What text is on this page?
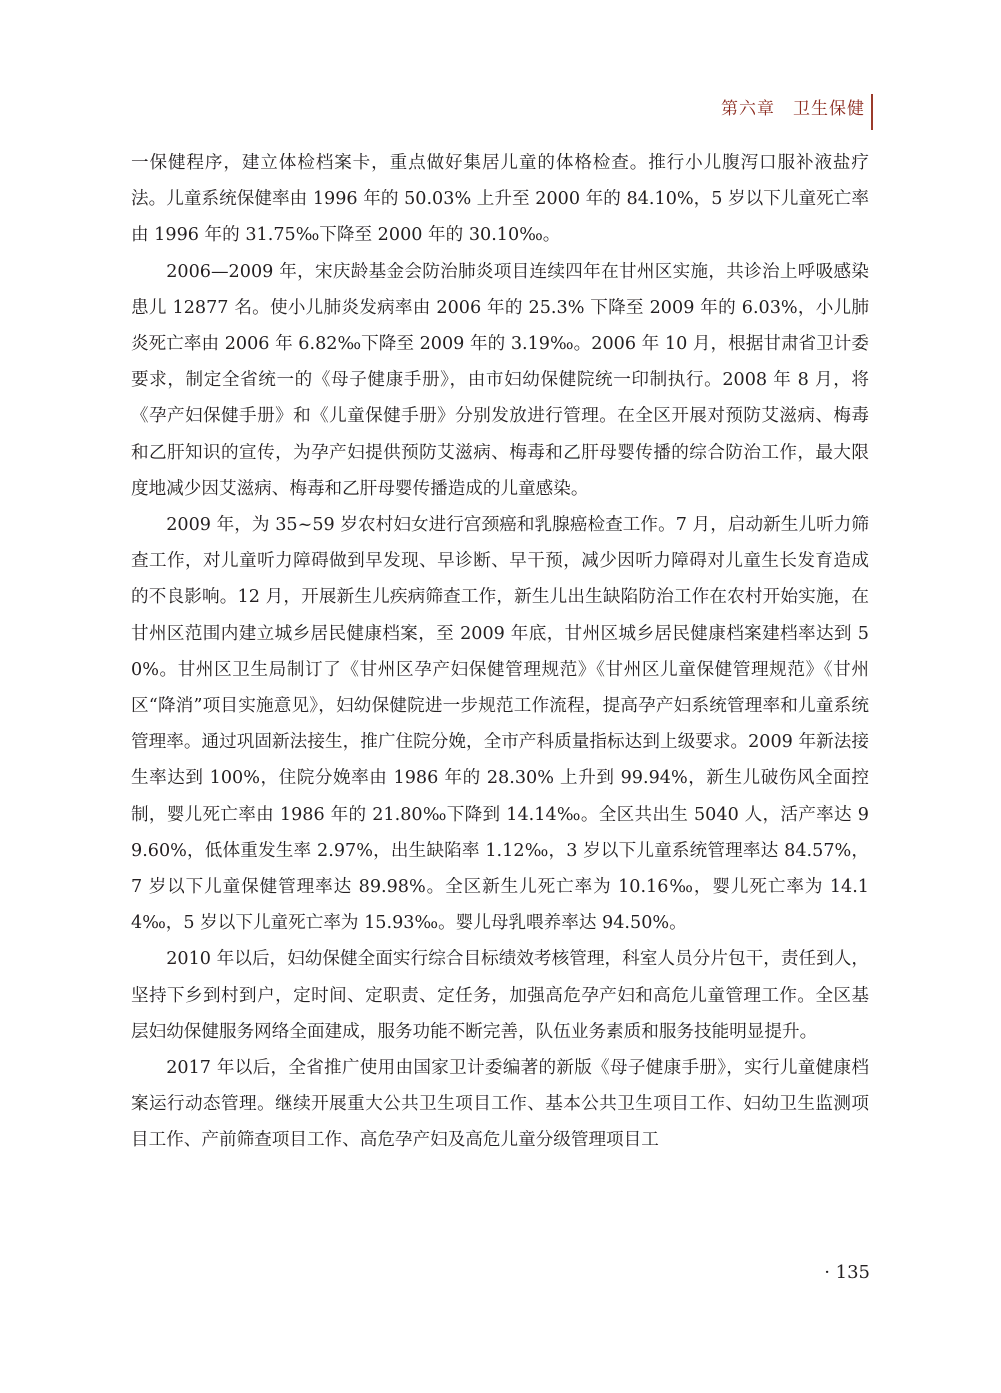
第六章 卫生保健

一保健程序，建立体检档案卡，重点做好集居儿童的体格检查。推行小儿腹泻口服补液盐疗法。儿童系统保健率由 1996 年的 50.03% 上升至 2000 年的 84.10%，5 岁以下儿童死亡率由 1996 年的 31.75‰下降至 2000 年的 30.10‰。

2006—2009 年，宋庆龄基金会防治肺炎项目连续四年在甘州区实施，共诊治上呼吸感染患儿 12877 名。使小儿肺炎发病率由 2006 年的 25.3% 下降至 2009 年的 6.03%，小儿肺炎死亡率由 2006 年 6.82‰下降至 2009 年的 3.19‰。2006 年 10 月，根据甘肃省卫计委要求，制定全省统一的《母子健康手册》，由市妇幼保健院统一印制执行。2008 年 8 月，将《孕产妇保健手册》和《儿童保健手册》分别发放进行管理。在全区开展对预防艾滋病、梅毒和乙肝知识的宣传，为孕产妇提供预防艾滋病、梅毒和乙肝母婴传播的综合防治工作，最大限度地减少因艾滋病、梅毒和乙肝母婴传播造成的儿童感染。

2009 年，为 35~59 岁农村妇女进行宫颈癌和乳腺癌检查工作。7 月，启动新生儿听力筛查工作，对儿童听力障碍做到早发现、早诊断、早干预，减少因听力障碍对儿童生长发育造成的不良影响。12 月，开展新生儿疾病筛查工作，新生儿出生缺陷防治工作在农村开始实施，在甘州区范围内建立城乡居民健康档案，至 2009 年底，甘州区城乡居民健康档案建档率达到 50%。甘州区卫生局制订了《甘州区孕产妇保健管理规范》《甘州区儿童保健管理规范》《甘州区“降消”项目实施意见》，妇幼保健院进一步规范工作流程，提高孕产妇系统管理率和儿童系统管理率。通过巩固新法接生，推广住院分娩，全市产科质量指标达到上级要求。2009 年新法接生率达到 100%，住院分娩率由 1986 年的 28.30% 上升到 99.94%，新生儿破伤风全面控制，婴儿死亡率由 1986 年的 21.80‰下降到 14.14‰。全区共出生 5040 人，活产率达 99.60%，低体重发生率 2.97%，出生缺陷率 1.12‰，3 岁以下儿童系统管理率达 84.57%，7 岁以下儿童保健管理率达 89.98%。全区新生儿死亡率为 10.16‰，婴儿死亡率为 14.14‰，5 岁以下儿童死亡率为 15.93‰。婴儿母乳喂养率达 94.50%。

2010 年以后，妇幼保健全面实行综合目标绩效考核管理，科室人员分片包干，责任到人，坚持下乡到村到户，定时间、定职责、定任务，加强高危孕产妇和高危儿童管理工作。全区基层妇幼保健服务网络全面建成，服务功能不断完善，队伍业务素质和服务技能明显提升。

2017 年以后，全省推广使用由国家卫计委编著的新版《母子健康手册》，实行儿童健康档案运行动态管理。继续开展重大公共卫生项目工作、基本公共卫生项目工作、妇幼卫生监测项目工作、产前筛查项目工作、高危孕产妇及高危儿童分级管理项目工

· 135
